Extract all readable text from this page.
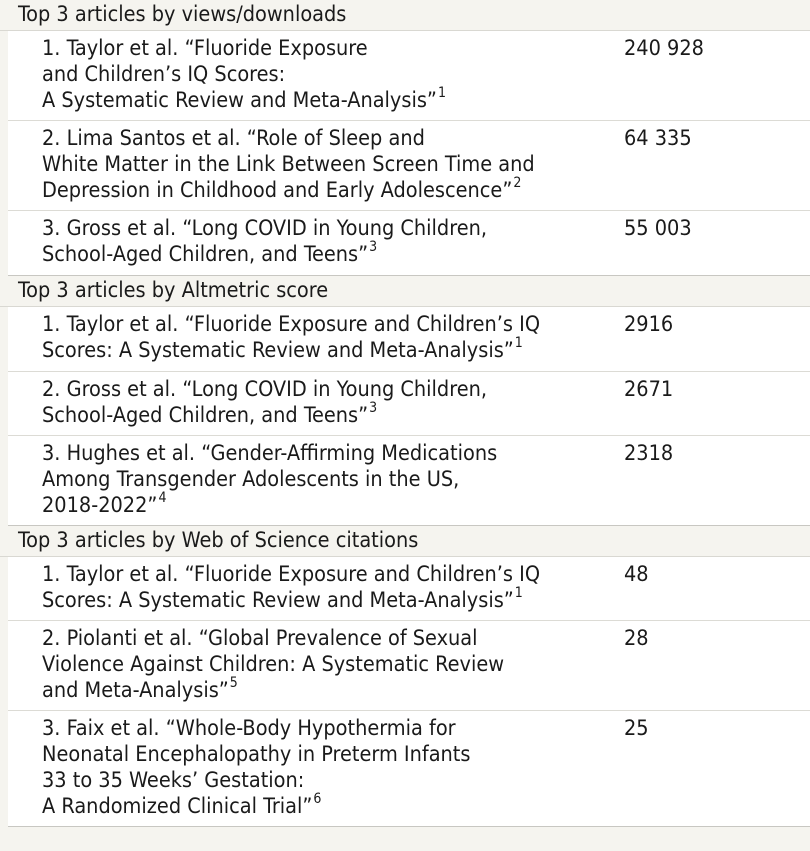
Top 3 articles by views/downloads
1. Taylor et al. “Fluoride Exposure
and Children’s IQ Scores:
A Systematic Review and Meta-Analysis”$^1$
240 928
2. Lima Santos et al. “Role of Sleep and
White Matter in the Link Between Screen Time and
Depression in Childhood and Early Adolescence”$^2$
64 335
3. Gross et al. “Long COVID in Young Children,
School-Aged Children, and Teens”$^3$
55 003
Top 3 articles by Altmetric score
1. Taylor et al. “Fluoride Exposure and Children’s IQ
Scores: A Systematic Review and Meta-Analysis”$^1$
2916
2. Gross et al. “Long COVID in Young Children,
School-Aged Children, and Teens”$^3$
2671
3. Hughes et al. “Gender-Affirming Medications
Among Transgender Adolescents in the US,
2018-2022”$^4$
2318
Top 3 articles by Web of Science citations
1. Taylor et al. “Fluoride Exposure and Children’s IQ
Scores: A Systematic Review and Meta-Analysis”$^1$
48
2. Piolanti et al. “Global Prevalence of Sexual
Violence Against Children: A Systematic Review
and Meta-Analysis”$^5$
28
3. Faix et al. “Whole-Body Hypothermia for
Neonatal Encephalopathy in Preterm Infants
33 to 35 Weeks’ Gestation:
A Randomized Clinical Trial”$^6$
25
